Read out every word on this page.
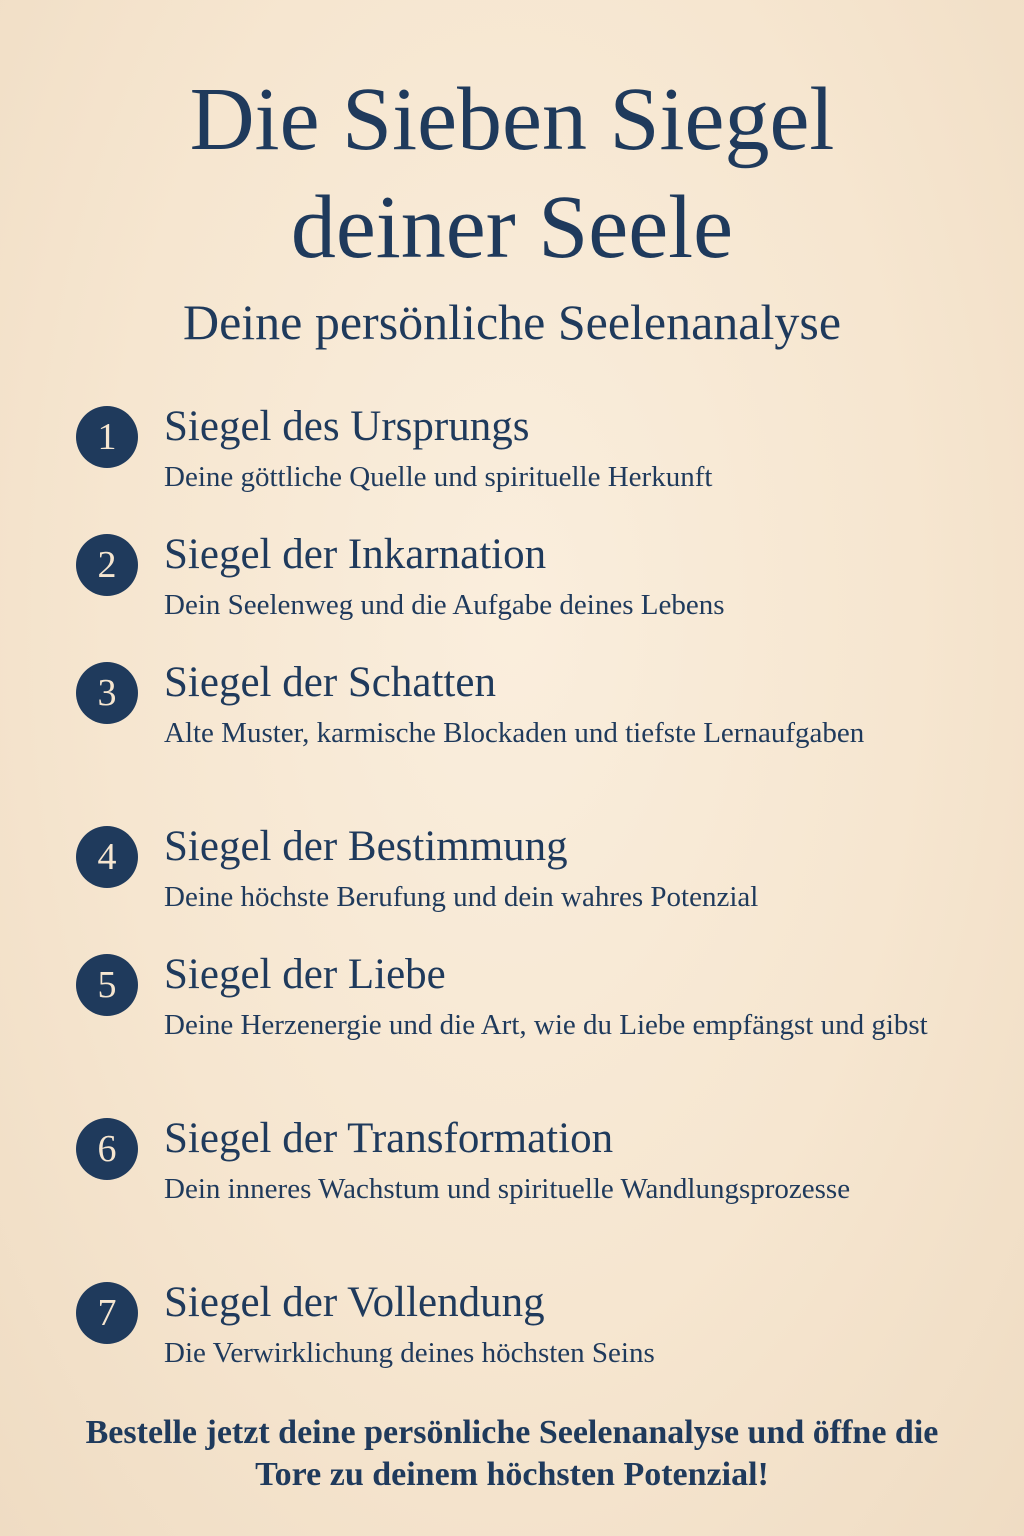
Die Sieben Siegel
deiner Seele
Deine persönliche Seelenanalyse
1	Siegel des Ursprungs
Deine göttliche Quelle und spirituelle Herkunft
2	Siegel der Inkarnation
Dein Seelenweg und die Aufgabe deines Lebens
3	Siegel der Schatten
Alte Muster, karmische Blockaden und tiefste Lernaufgaben
4	Siegel der Bestimmung
Deine höchste Berufung und dein wahres Potenzial
5	Siegel der Liebe
Deine Herzenergie und die Art, wie du Liebe empfängst und gibst
6	Siegel der Transformation
Dein inneres Wachstum und spirituelle Wandlungsprozesse
7	Siegel der Vollendung
Die Verwirklichung deines höchsten Seins
Bestelle jetzt deine persönliche Seelenanalyse und öffne die Tore zu deinem höchsten Potenzial!
